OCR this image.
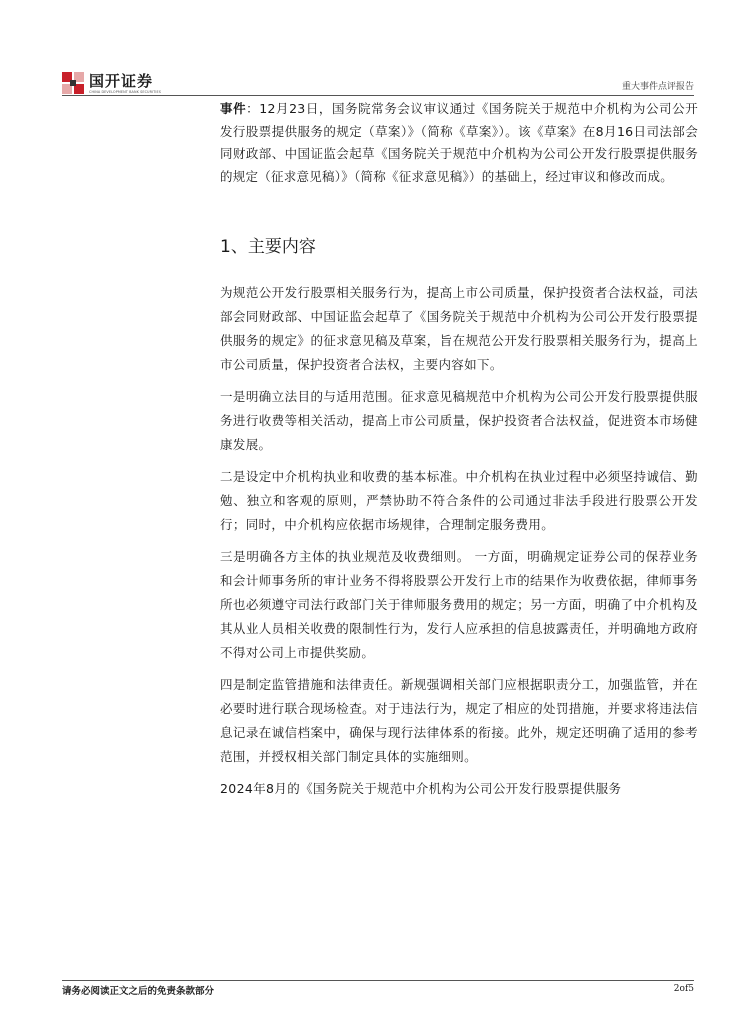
国开证券
CHINA DEVELOPMENT BANK SECURITIES	重大事件点评报告

事件：12月23日，国务院常务会议审议通过《国务院关于规范中介机构为公司公开发行股票提供服务的规定（草案）》（简称《草案》）。该《草案》在8月16日司法部会同财政部、中国证监会起草《国务院关于规范中介机构为公司公开发行股票提供服务的规定（征求意见稿）》（简称《征求意见稿》）的基础上，经过审议和修改而成。

1、主要内容

为规范公开发行股票相关服务行为，提高上市公司质量，保护投资者合法权益，司法部会同财政部、中国证监会起草了《国务院关于规范中介机构为公司公开发行股票提供服务的规定》的征求意见稿及草案，旨在规范公开发行股票相关服务行为，提高上市公司质量，保护投资者合法权，主要内容如下。

一是明确立法目的与适用范围。征求意见稿规范中介机构为公司公开发行股票提供服务进行收费等相关活动，提高上市公司质量，保护投资者合法权益，促进资本市场健康发展。

二是设定中介机构执业和收费的基本标准。中介机构在执业过程中必须坚持诚信、勤勉、独立和客观的原则，严禁协助不符合条件的公司通过非法手段进行股票公开发行；同时，中介机构应依据市场规律，合理制定服务费用。

三是明确各方主体的执业规范及收费细则。 一方面，明确规定证券公司的保荐业务和会计师事务所的审计业务不得将股票公开发行上市的结果作为收费依据，律师事务所也必须遵守司法行政部门关于律师服务费用的规定；另一方面，明确了中介机构及其从业人员相关收费的限制性行为，发行人应承担的信息披露责任，并明确地方政府不得对公司上市提供奖励。

四是制定监管措施和法律责任。新规强调相关部门应根据职责分工，加强监管，并在必要时进行联合现场检查。对于违法行为，规定了相应的处罚措施，并要求将违法信息记录在诚信档案中，确保与现行法律体系的衔接。此外，规定还明确了适用的参考范围，并授权相关部门制定具体的实施细则。

2024年8月的《国务院关于规范中介机构为公司公开发行股票提供服务

请务必阅读正文之后的免责条款部分	2of5
